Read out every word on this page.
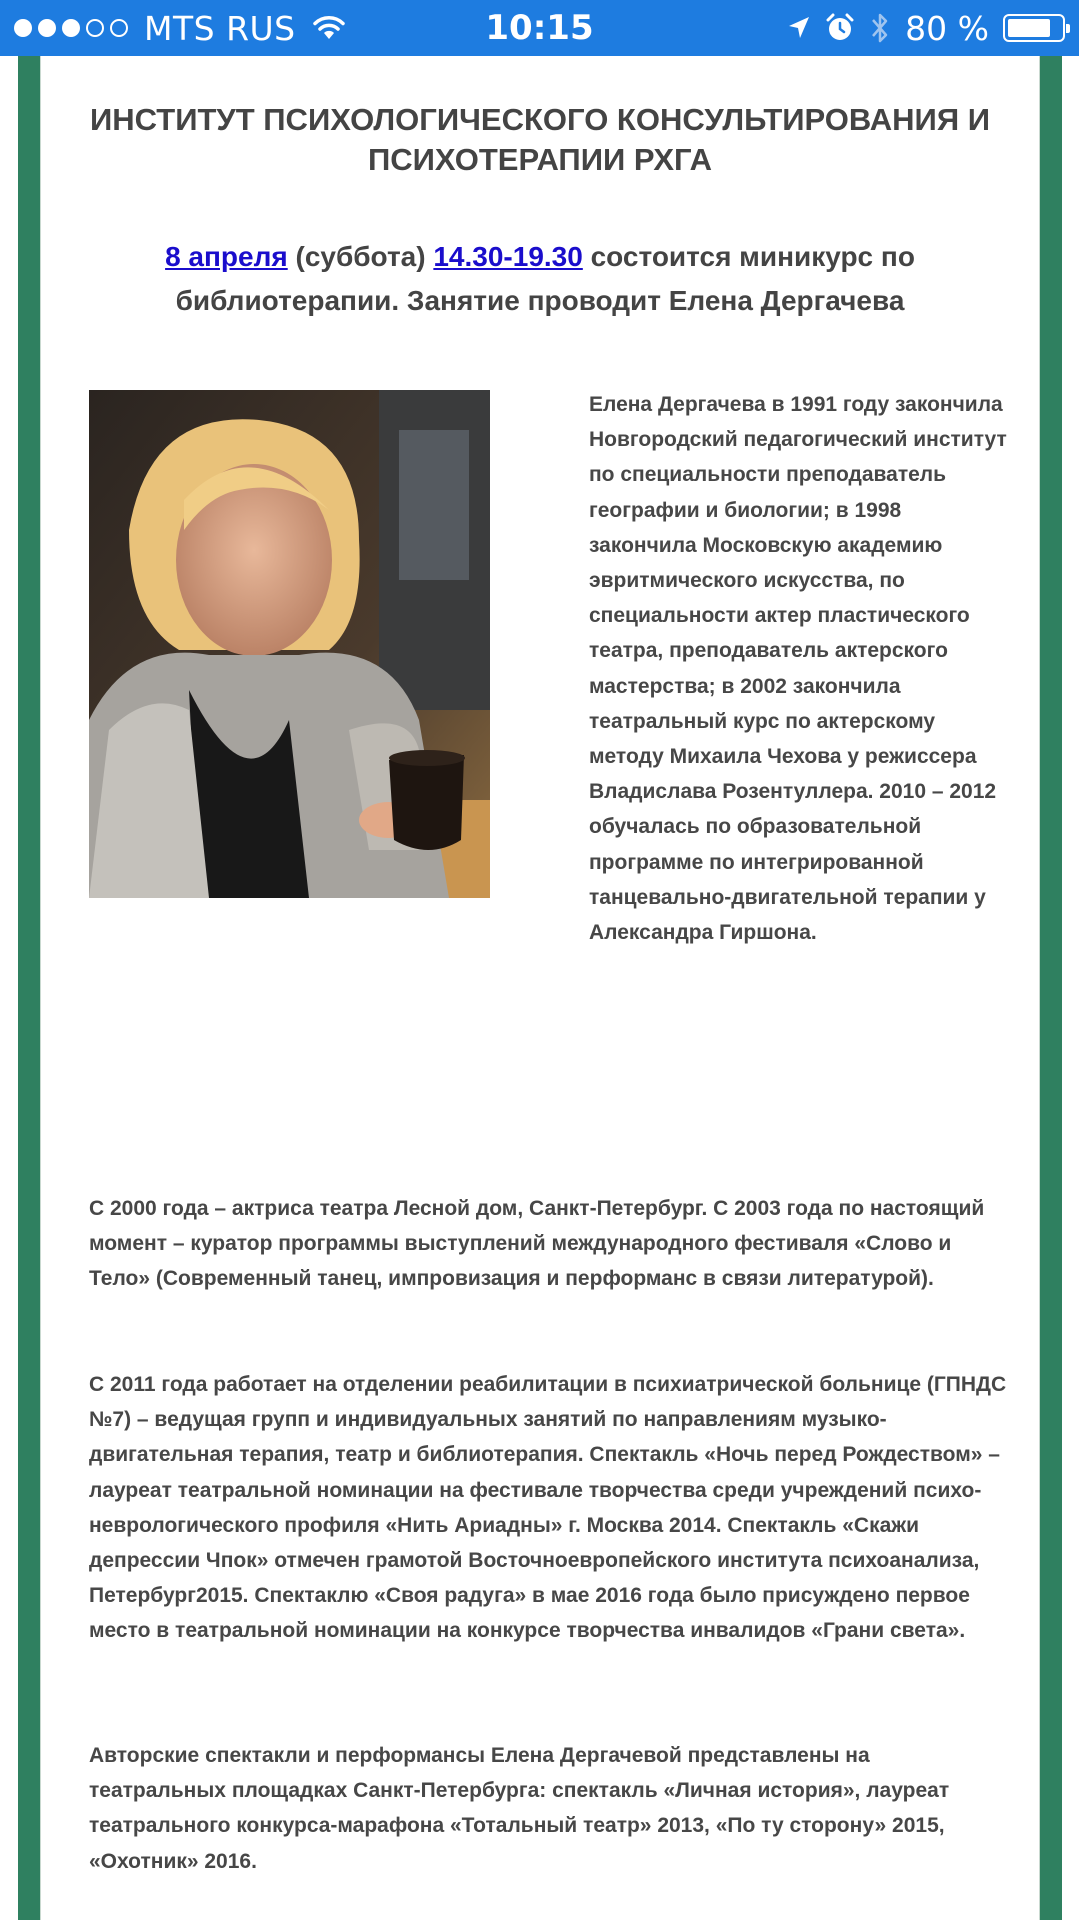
MTS RUS	10:15	80 %
ИНСТИТУТ ПСИХОЛОГИЧЕСКОГО КОНСУЛЬТИРОВАНИЯ И ПСИХОТЕРАПИИ РХГА

8 апреля (суббота) 14.30-19.30 состоится миникурс по библиотерапии. Занятие проводит Елена Дергачева

Елена Дергачева в 1991 году закончила Новгородский педагогический институт по специальности преподаватель географии и биологии; в 1998 закончила Московскую академию эвритмического искусства, по специальности актер пластического театра, преподаватель актерского мастерства; в 2002 закончила театральный курс по актерскому методу Михаила Чехова у режиссера Владислава Розентуллера. 2010 – 2012 обучалась по образовательной программе по интегрированной танцевально-двигательной терапии у Александра Гиршона.

С 2000 года – актриса театра Лесной дом, Санкт-Петербург. С 2003 года по настоящий момент – куратор программы выступлений международного фестиваля «Слово и Тело» (Современный танец, импровизация и перформанс в связи литературой).

С 2011 года работает на отделении реабилитации в психиатрической больнице (ГПНДС №7) – ведущая групп и индивидуальных занятий по направлениям музыко-двигательная терапия, театр и библиотерапия. Спектакль «Ночь перед Рождеством» – лауреат театральной номинации на фестивале творчества среди учреждений психо-неврологического профиля «Нить Ариадны» г. Москва 2014. Спектакль «Скажи депрессии Чпок» отмечен грамотой Восточноевропейского института психоанализа, Петербург2015. Спектаклю «Своя радуга» в мае 2016 года было присуждено первое место в театральной номинации на конкурсе творчества инвалидов «Грани света».

Авторские спектакли и перформансы Елена Дергачевой представлены на театральных площадках Санкт-Петербурга: спектакль «Личная история», лауреат театрального конкурса-марафона «Тотальный театр» 2013, «По ту сторону» 2015, «Охотник» 2016.
